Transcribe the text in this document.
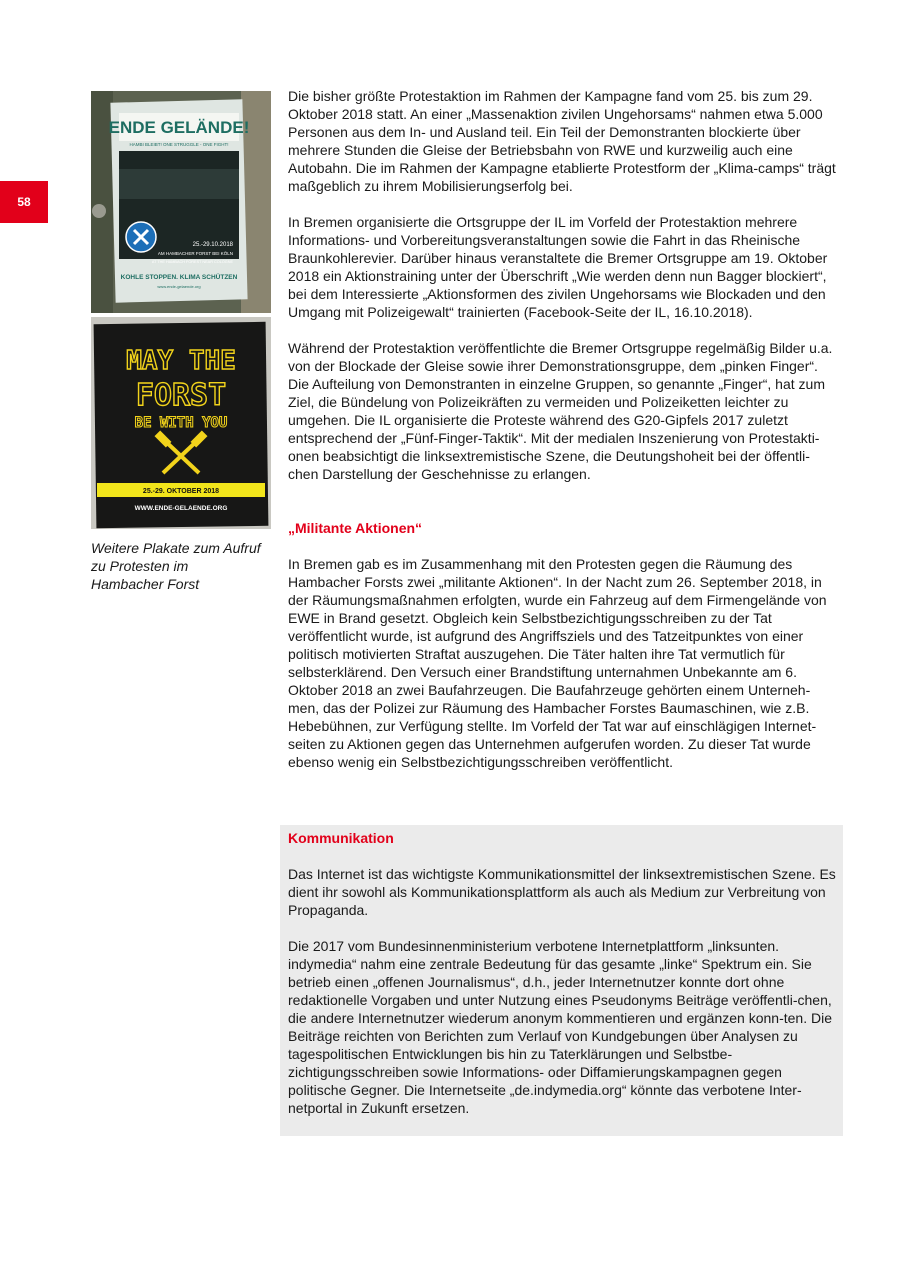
58
ENDE GELÄNDE!
HAMBI BLEIBT! ONE STRUGGLE - ONE FIGHT!
25.-29.10.2018
AM HAMBACHER FORST BEI KÖLN
AT THE HAMBACH FOREST NEAR COLOGNE
KOHLE STOPPEN. KLIMA SCHÜTZEN
www.ende-gelaende.org
MAY THE
FORST
BE WITH YOU
25.-29. OKTOBER 2018
WWW.ENDE-GELAENDE.ORG
Weitere Plakate zum Aufruf zu Protesten im Hambacher Forst

Die bisher größte Protestaktion im Rahmen der Kampagne fand vom 25. bis zum 29. Oktober 2018 statt. An einer „Massenaktion zivilen Ungehorsams“ nahmen etwa 5.000 Personen aus dem In- und Ausland teil. Ein Teil der Demonstranten blockierte über mehrere Stunden die Gleise der Betriebsbahn von RWE und kurzweilig auch eine Autobahn. Die im Rahmen der Kampagne etablierte Protestform der „Klima-camps“ trägt maßgeblich zu ihrem Mobilisierungserfolg bei.

In Bremen organisierte die Ortsgruppe der IL im Vorfeld der Protestaktion mehrere Informations- und Vorbereitungsveranstaltungen sowie die Fahrt in das Rheinische Braunkohlerevier. Darüber hinaus veranstaltete die Bremer Ortsgruppe am 19. Oktober 2018 ein Aktionstraining unter der Überschrift „Wie werden denn nun Bagger blockiert“, bei dem Interessierte „Aktionsformen des zivilen Ungehorsams wie Blockaden und den Umgang mit Polizeigewalt“ trainierten (Facebook-Seite der IL, 16.10.2018).

Während der Protestaktion veröffentlichte die Bremer Ortsgruppe regelmäßig Bilder u.a. von der Blockade der Gleise sowie ihrer Demonstrationsgruppe, dem „pinken Finger“. Die Aufteilung von Demonstranten in einzelne Gruppen, so genannte „Finger“, hat zum Ziel, die Bündelung von Polizeikräften zu vermeiden und Polizeiketten leichter zu umgehen. Die IL organisierte die Proteste während des G20-Gipfels 2017 zuletzt entsprechend der „Fünf-Finger-Taktik“. Mit der medialen Inszenierung von Protestakti-onen beabsichtigt die linksextremistische Szene, die Deutungshoheit bei der öffentli-chen Darstellung der Geschehnisse zu erlangen.

„Militante Aktionen“

In Bremen gab es im Zusammenhang mit den Protesten gegen die Räumung des Hambacher Forsts zwei „militante Aktionen“. In der Nacht zum 26. September 2018, in der Räumungsmaßnahmen erfolgten, wurde ein Fahrzeug auf dem Firmengelände von EWE in Brand gesetzt. Obgleich kein Selbstbezichtigungsschreiben zu der Tat veröffentlicht wurde, ist aufgrund des Angriffsziels und des Tatzeitpunktes von einer politisch motivierten Straftat auszugehen. Die Täter halten ihre Tat vermutlich für selbsterklärend. Den Versuch einer Brandstiftung unternahmen Unbekannte am 6. Oktober 2018 an zwei Baufahrzeugen. Die Baufahrzeuge gehörten einem Unterneh-men, das der Polizei zur Räumung des Hambacher Forstes Baumaschinen, wie z.B. Hebebühnen, zur Verfügung stellte. Im Vorfeld der Tat war auf einschlägigen Internet-seiten zu Aktionen gegen das Unternehmen aufgerufen worden. Zu dieser Tat wurde ebenso wenig ein Selbstbezichtigungsschreiben veröffentlicht.

Kommunikation

Das Internet ist das wichtigste Kommunikationsmittel der linksextremistischen Szene. Es dient ihr sowohl als Kommunikationsplattform als auch als Medium zur Verbreitung von Propaganda.

Die 2017 vom Bundesinnenministerium verbotene Internetplattform „linksunten. indymedia“ nahm eine zentrale Bedeutung für das gesamte „linke“ Spektrum ein. Sie betrieb einen „offenen Journalismus“, d.h., jeder Internetnutzer konnte dort ohne redaktionelle Vorgaben und unter Nutzung eines Pseudonyms Beiträge veröffentli-chen, die andere Internetnutzer wiederum anonym kommentieren und ergänzen konn-ten. Die Beiträge reichten von Berichten zum Verlauf von Kundgebungen über Analysen zu tagespolitischen Entwicklungen bis hin zu Taterklärungen und Selbstbe-zichtigungsschreiben sowie Informations- oder Diffamierungskampagnen gegen politische Gegner. Die Internetseite „de.indymedia.org“ könnte das verbotene Inter-netportal in Zukunft ersetzen.
